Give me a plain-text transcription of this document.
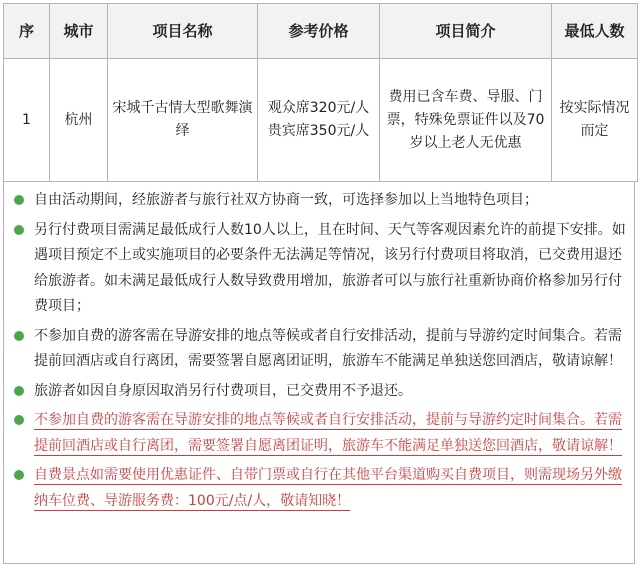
序	城市	项目名称	参考价格	项目简介	最低人数
1	杭州	宋城千古情大型歌舞演绎	观众席320元/人 贵宾席350元/人	费用已含车费、导服、门票，特殊免票证件以及70岁以上老人无优惠	按实际情况而定
自由活动期间，经旅游者与旅行社双方协商一致，可选择参加以上当地特色项目；
另行付费项目需满足最低成行人数10人以上，且在时间、天气等客观因素允许的前提下安排。如遇项目预定不上或实施项目的必要条件无法满足等情况，该另行付费项目将取消，已交费用退还给旅游者。如未满足最低成行人数导致费用增加，旅游者可以与旅行社重新协商价格参加另行付费项目；
不参加自费的游客需在导游安排的地点等候或者自行安排活动，提前与导游约定时间集合。若需提前回酒店或自行离团，需要签署自愿离团证明，旅游车不能满足单独送您回酒店，敬请谅解！
旅游者如因自身原因取消另行付费项目，已交费用不予退还。
不参加自费的游客需在导游安排的地点等候或者自行安排活动，提前与导游约定时间集合。若需提前回酒店或自行离团，需要签署自愿离团证明，旅游车不能满足单独送您回酒店，敬请谅解！
自费景点如需要使用优惠证件、自带门票或自行在其他平台渠道购买自费项目，则需现场另外缴纳车位费、导游服务费：100元/点/人，敬请知晓！
